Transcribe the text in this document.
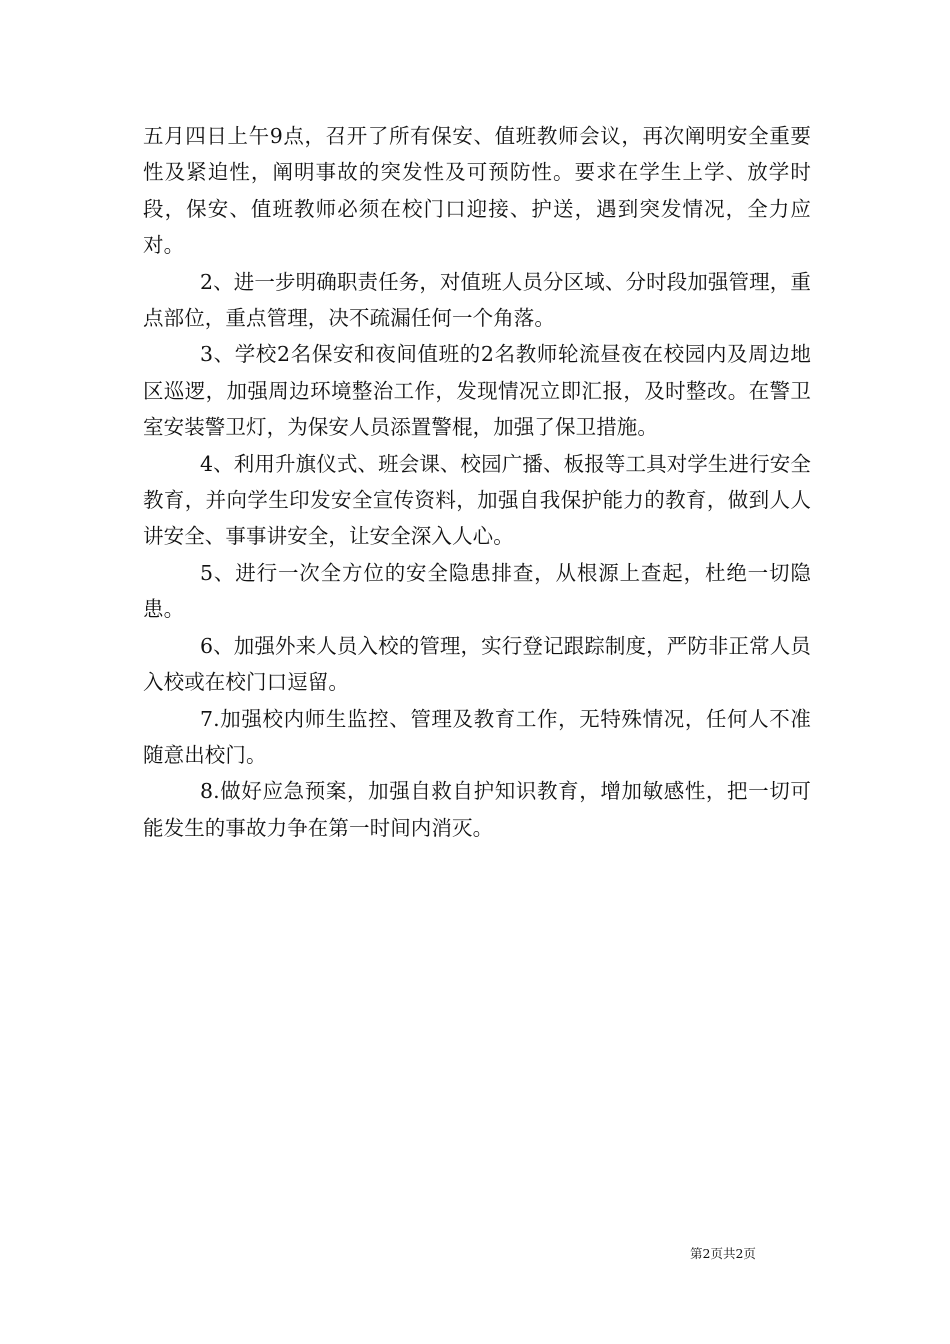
五月四日上午9点，召开了所有保安、值班教师会议，再次阐明安全重要性及紧迫性，阐明事故的突发性及可预防性。要求在学生上学、放学时段，保安、值班教师必须在校门口迎接、护送，遇到突发情况，全力应对。

2、进一步明确职责任务，对值班人员分区域、分时段加强管理，重点部位，重点管理，决不疏漏任何一个角落。

3、学校2名保安和夜间值班的2名教师轮流昼夜在校园内及周边地区巡逻，加强周边环境整治工作，发现情况立即汇报，及时整改。在警卫室安装警卫灯，为保安人员添置警棍，加强了保卫措施。

4、利用升旗仪式、班会课、校园广播、板报等工具对学生进行安全教育，并向学生印发安全宣传资料，加强自我保护能力的教育，做到人人讲安全、事事讲安全，让安全深入人心。

5、进行一次全方位的安全隐患排查，从根源上查起，杜绝一切隐患。

6、加强外来人员入校的管理，实行登记跟踪制度，严防非正常人员入校或在校门口逗留。

7.加强校内师生监控、管理及教育工作，无特殊情况，任何人不准随意出校门。

8.做好应急预案，加强自救自护知识教育，增加敏感性，把一切可能发生的事故力争在第一时间内消灭。

第2页共2页
